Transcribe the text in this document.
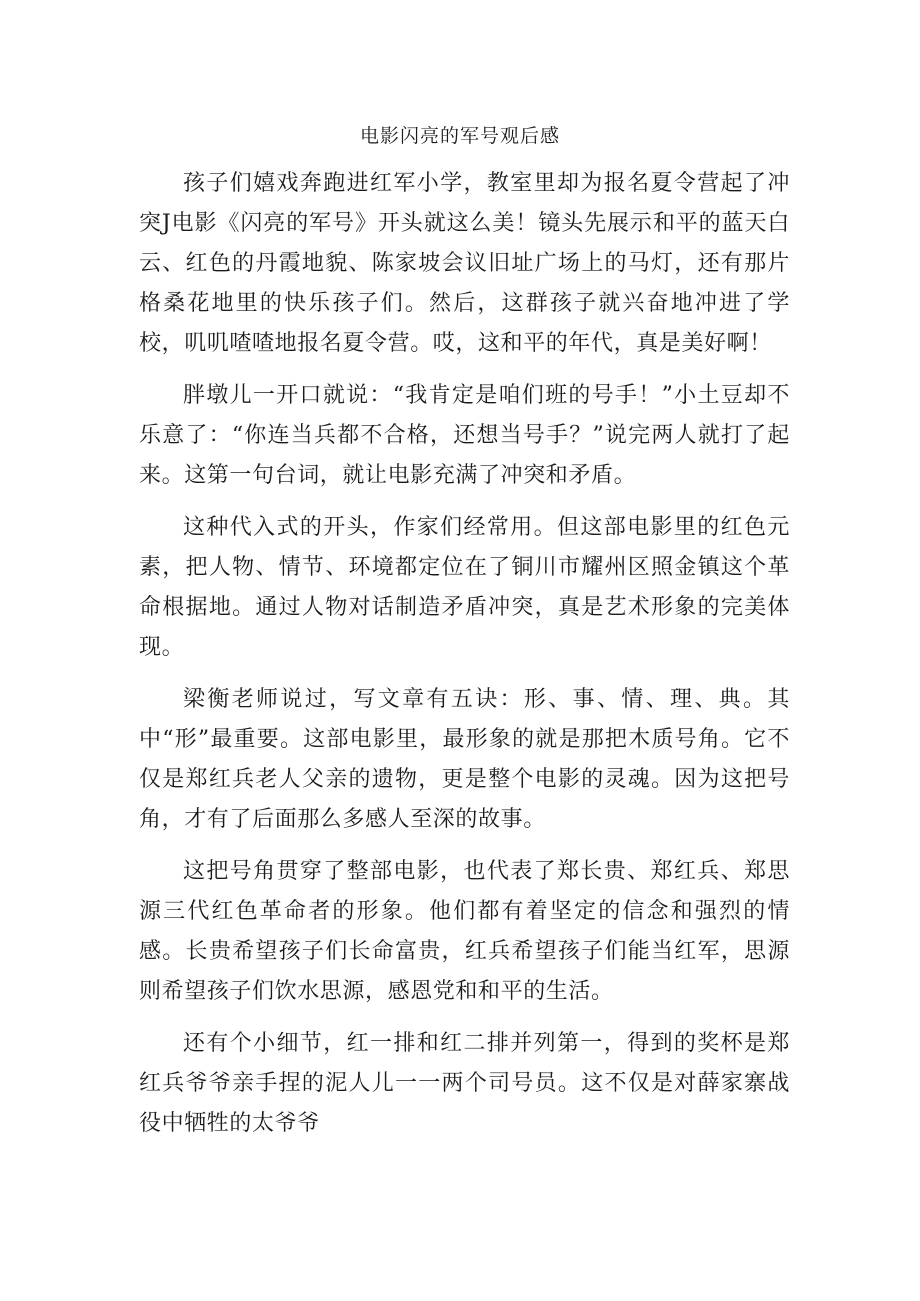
电影闪亮的军号观后感

孩子们嬉戏奔跑进红军小学，教室里却为报名夏令营起了冲突J电影《闪亮的军号》开头就这么美！镜头先展示和平的蓝天白云、红色的丹霞地貌、陈家坡会议旧址广场上的马灯，还有那片格桑花地里的快乐孩子们。然后，这群孩子就兴奋地冲进了学校，叽叽喳喳地报名夏令营。哎，这和平的年代，真是美好啊！

胖墩儿一开口就说：“我肯定是咱们班的号手！”小土豆却不乐意了：“你连当兵都不合格，还想当号手？”说完两人就打了起来。这第一句台词，就让电影充满了冲突和矛盾。

这种代入式的开头，作家们经常用。但这部电影里的红色元素，把人物、情节、环境都定位在了铜川市耀州区照金镇这个革命根据地。通过人物对话制造矛盾冲突，真是艺术形象的完美体现。

梁衡老师说过，写文章有五诀：形、事、情、理、典。其中“形”最重要。这部电影里，最形象的就是那把木质号角。它不仅是郑红兵老人父亲的遗物，更是整个电影的灵魂。因为这把号角，才有了后面那么多感人至深的故事。

这把号角贯穿了整部电影，也代表了郑长贵、郑红兵、郑思源三代红色革命者的形象。他们都有着坚定的信念和强烈的情感。长贵希望孩子们长命富贵，红兵希望孩子们能当红军，思源则希望孩子们饮水思源，感恩党和和平的生活。

还有个小细节，红一排和红二排并列第一，得到的奖杯是郑红兵爷爷亲手捏的泥人儿一一两个司号员。这不仅是对薛家寨战役中牺牲的太爷爷
